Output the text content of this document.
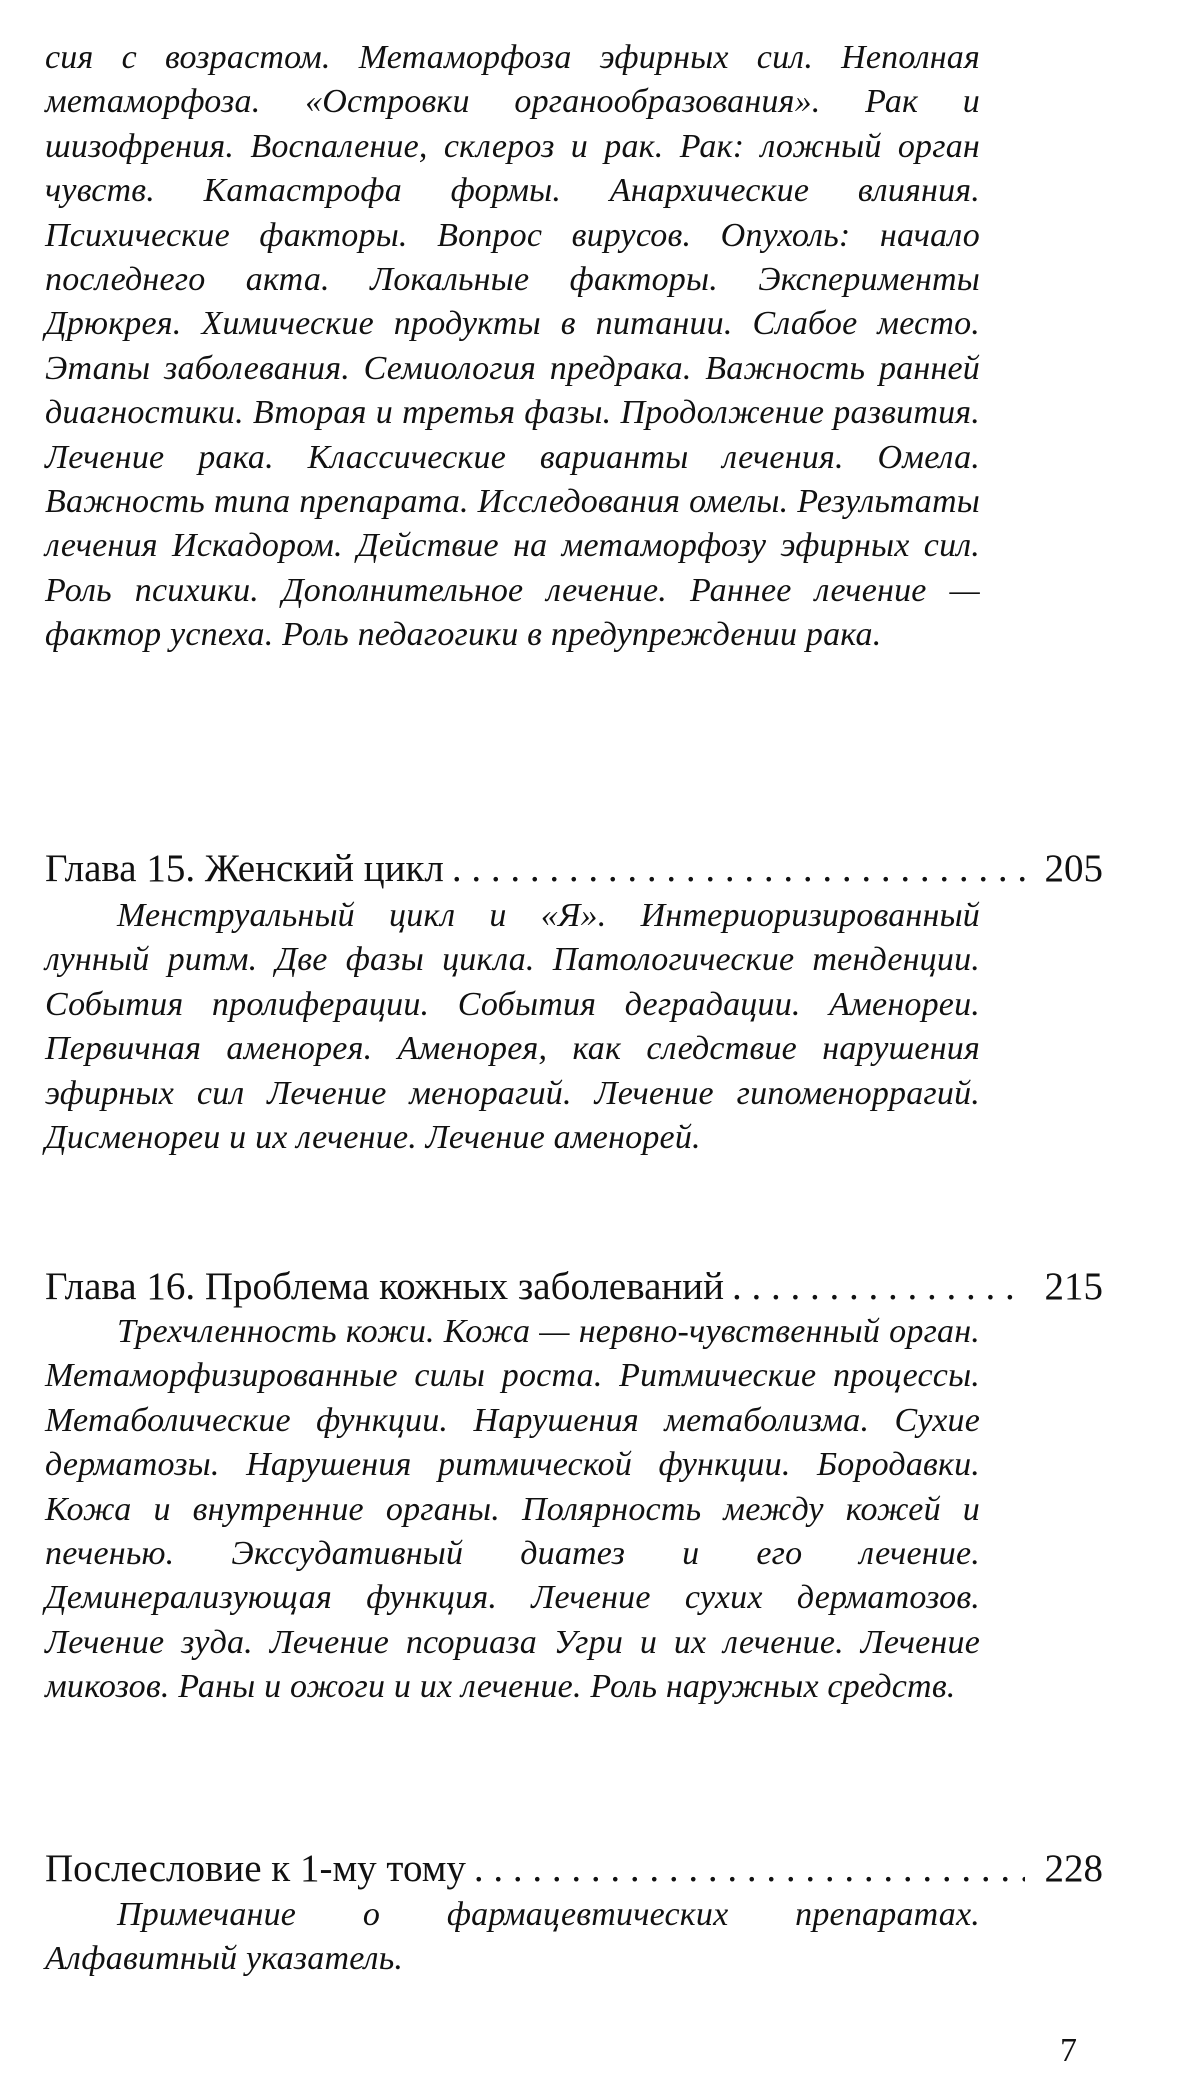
сия с возрастом. Метаморфоза эфирных сил. Неполная метаморфоза. «Островки органообразования». Рак и шизофрения. Воспаление, склероз и рак. Рак: ложный орган чувств. Катастрофа формы. Анархические влияния. Психические факторы. Вопрос вирусов. Опухоль: начало последнего акта. Локальные факторы. Эксперименты Дрюкрея. Химические продукты в питании. Слабое место. Этапы заболевания. Семиология предрака. Важность ранней диагностики. Вторая и третья фазы. Продолжение развития. Лечение рака. Классические варианты лечения. Омела. Важность типа препарата. Исследования омелы. Результаты лечения Искадором. Действие на метаморфозу эфирных сил. Роль психики. Дополнительное лечение. Раннее лечение — фактор успеха. Роль педагогики в предупреждении рака.

Глава 15. Женский цикл . . .	205

Менструальный цикл и «Я». Интериоризированный лунный ритм. Две фазы цикла. Патологические тенденции. События пролиферации. События деградации. Аменореи. Первичная аменорея. Аменорея, как следствие нарушения эфирных сил Лечение менорагий. Лечение гипоменоррагий. Дисменореи и их лечение. Лечение аменорей.

Глава 16. Проблема кожных заболеваний . . .	215

Трехчленность кожи. Кожа — нервно-чувственный орган. Метаморфизированные силы роста. Ритмические процессы. Метаболические функции. Нарушения метаболизма. Сухие дерматозы. Нарушения ритмической функции. Бородавки. Кожа и внутренние органы. Полярность между кожей и печенью. Экссудативный диатез и его лечение. Деминерализующая функция. Лечение сухих дерматозов. Лечение зуда. Лечение псориаза Угри и их лечение. Лечение микозов. Раны и ожоги и их лечение. Роль наружных средств.

Послесловие к 1-му тому . . .	228

Примечание о фармацевтических препаратах. Алфавитный указатель.

7
